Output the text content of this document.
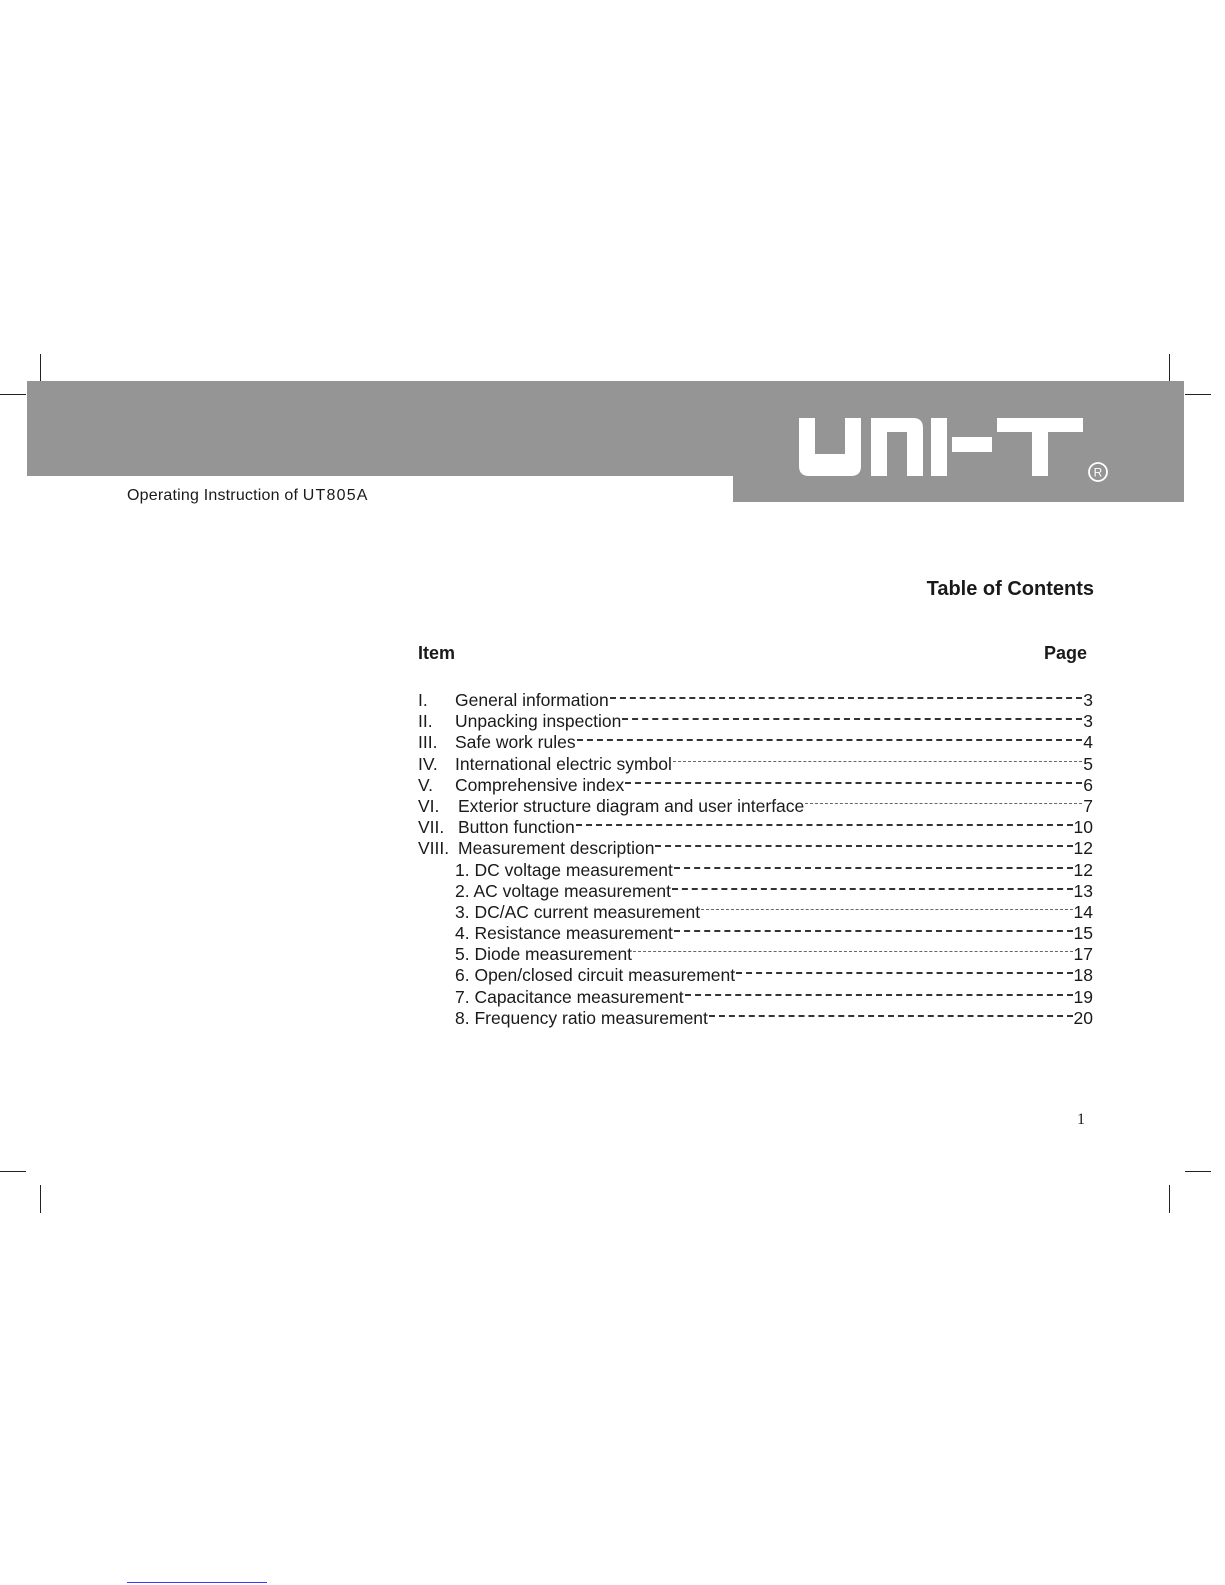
R
Operating Instruction of UT805A
Table of Contents
Item	Page
I.	General information	3
II.	Unpacking inspection	3
III.	Safe work rules	4
IV. International electric symbol	5
V.	Comprehensive index	6
VI.	Exterior structure diagram and user interface	7
VII. Button function	10
VIII. Measurement description	12
1. DC voltage measurement	12
2. AC voltage measurement	13
3. DC/AC current measurement	14
4. Resistance measurement	15
5. Diode measurement	17
6. Open/closed circuit measurement	18
7. Capacitance measurement	19
8. Frequency ratio measurement	20
1
